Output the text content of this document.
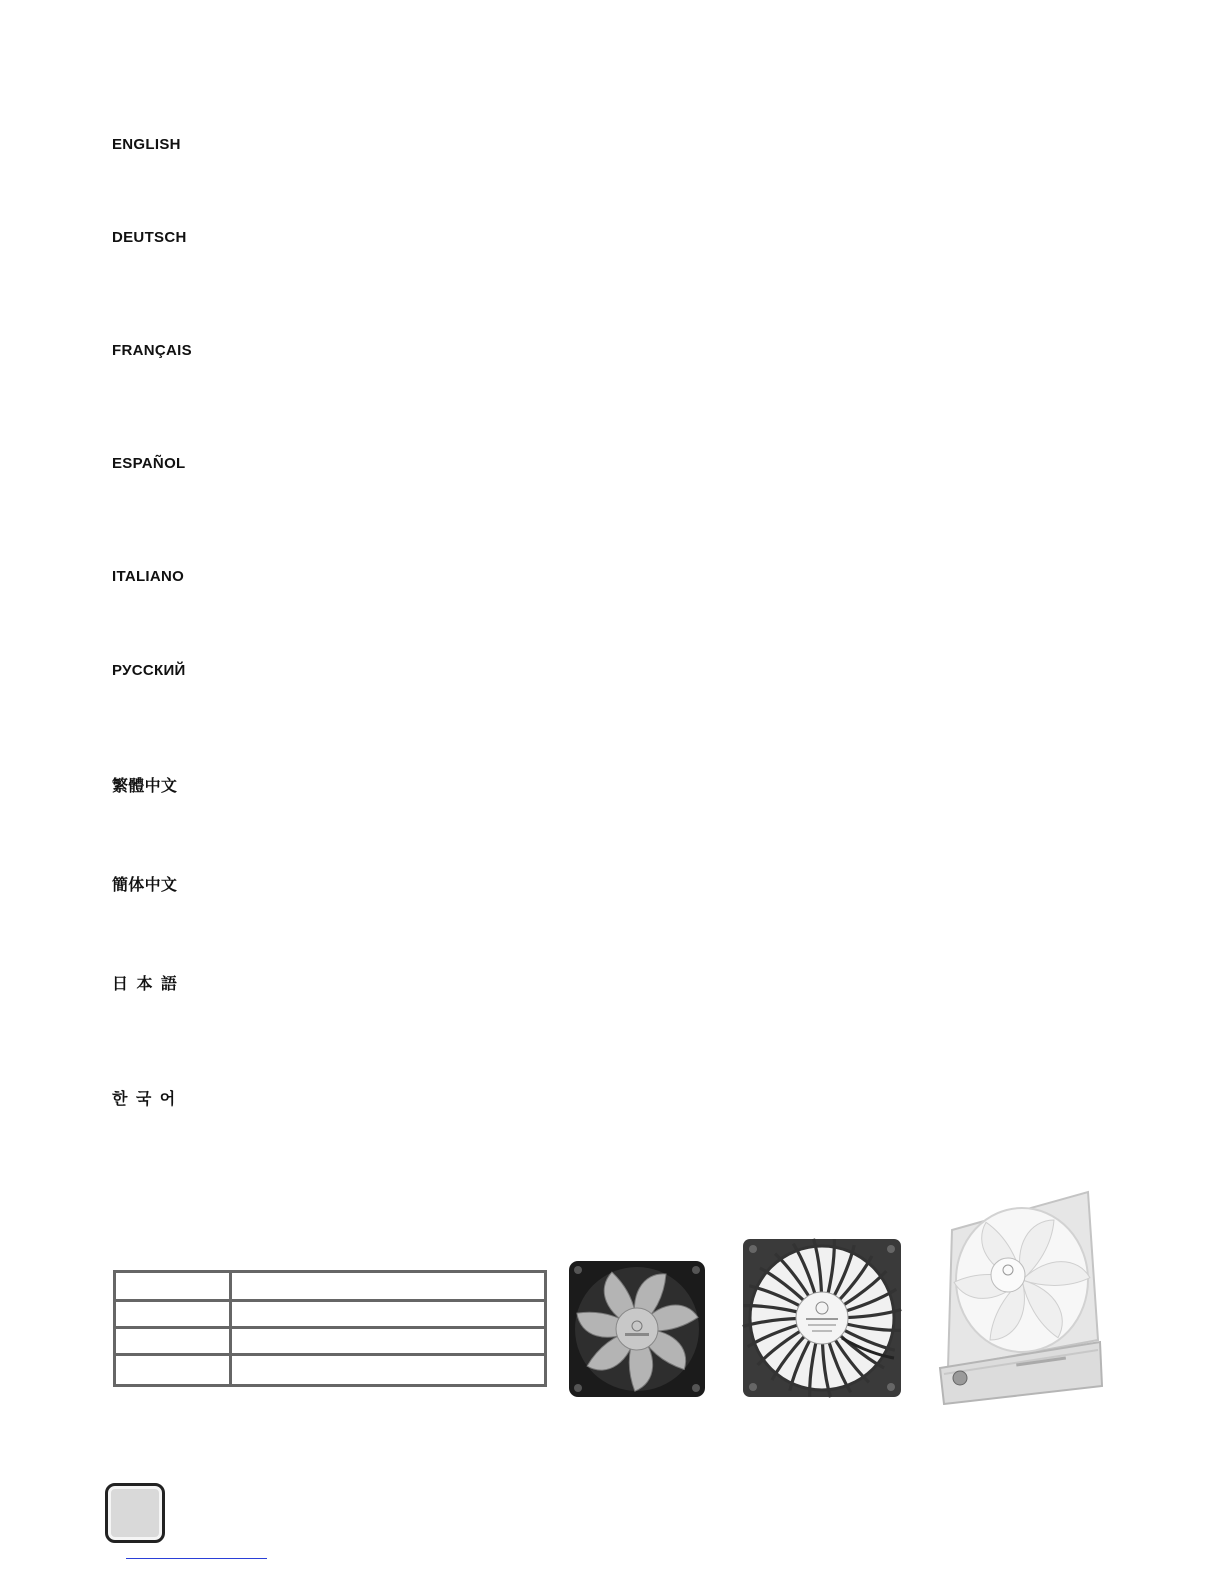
ENGLISH
DEUTSCH
FRANÇAIS
ESPAÑOL
ITALIANO
РУССКИЙ
繁體中文
簡体中文
日 本 語
한 국 어
